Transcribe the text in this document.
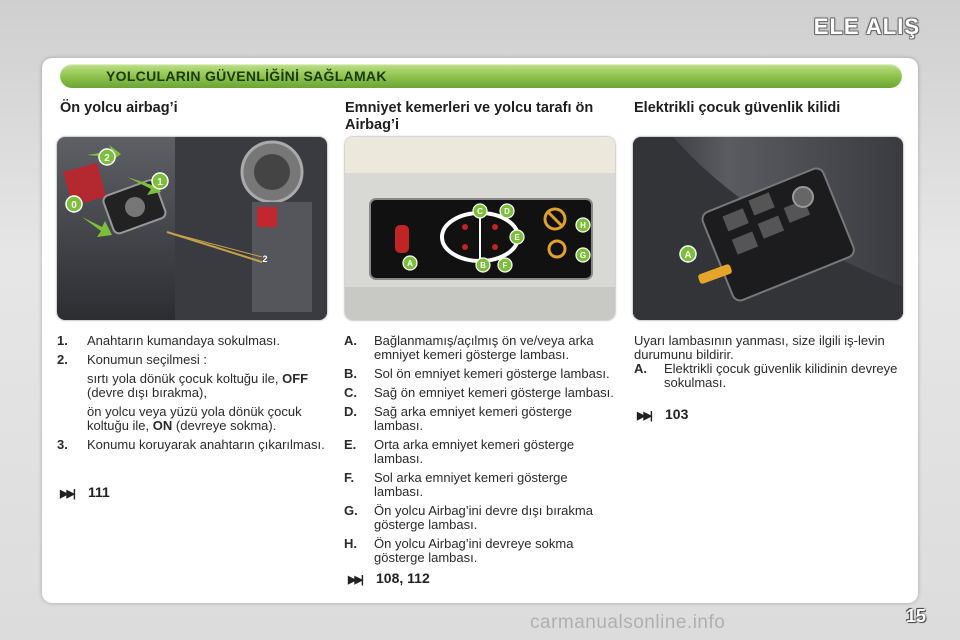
ELE ALIŞ
YOLCULARIN GÜVENLİĞİNİ SAĞLAMAK
Ön yolcu airbag’i
2
1
0
2
1. Anahtarın kumandaya sokulması.

2. Konumun seçilmesi :

sırtı yola dönük çocuk koltuğu ile, OFF (devre dışı bırakma),

ön yolcu veya yüzü yola dönük çocuk koltuğu ile, ON (devreye sokma).

3. Konumu koruyarak anahtarın çıkarılması.

▶▶| 111
Emniyet kemerleri ve yolcu tarafı ön Airbag’i
C	D
H
E
G
A	B F
A. Bağlanmamış/açılmış ön ve/veya arka emniyet kemeri gösterge lambası.

B. Sol ön emniyet kemeri gösterge lambası.

C. Sağ ön emniyet kemeri gösterge lambası.

D. Sağ arka emniyet kemeri gösterge lambası.

E. Orta arka emniyet kemeri gösterge lambası.

F. Sol arka emniyet kemeri gösterge lambası.

G. Ön yolcu Airbag’ini devre dışı bırakma gösterge lambası.

H. Ön yolcu Airbag’ini devreye sokma gösterge lambası.

▶▶| 108, 112
Elektrikli çocuk güvenlik kilidi
A
Uyarı lambasının yanması, size ilgili iş-levin durumunu bildirir.
A. Elektrikli çocuk güvenlik kilidinin devreye sokulması.

▶▶| 103
carmanualsonline.info	15
